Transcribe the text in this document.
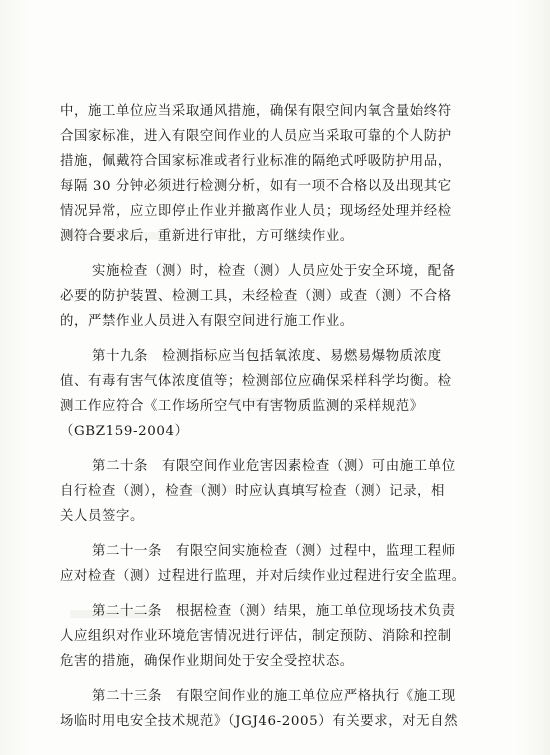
中，施工单位应当采取通风措施，确保有限空间内氧含量始终符
合国家标准，进入有限空间作业的人员应当采取可靠的个人防护
措施，佩戴符合国家标准或者行业标准的隔绝式呼吸防护用品，
每隔 30 分钟必须进行检测分析，如有一项不合格以及出现其它
情况异常，应立即停止作业并撤离作业人员；现场经处理并经检
测符合要求后，重新进行审批，方可继续作业。
实施检查（测）时，检查（测）人员应处于安全环境，配备
必要的防护装置、检测工具，未经检查（测）或查（测）不合格
的，严禁作业人员进入有限空间进行施工作业。
第十九条　检测指标应当包括氧浓度、易燃易爆物质浓度
值、有毒有害气体浓度值等；检测部位应确保采样科学均衡。检
测工作应符合《工作场所空气中有害物质监测的采样规范》
（GBZ159-2004）
第二十条　有限空间作业危害因素检查（测）可由施工单位
自行检查（测），检查（测）时应认真填写检查（测）记录，相
关人员签字。
第二十一条　有限空间实施检查（测）过程中，监理工程师
应对检查（测）过程进行监理，并对后续作业过程进行安全监理。
第二十二条　根据检查（测）结果，施工单位现场技术负责
人应组织对作业环境危害情况进行评估，制定预防、消除和控制
危害的措施，确保作业期间处于安全受控状态。
第二十三条　有限空间作业的施工单位应严格执行《施工现
场临时用电安全技术规范》（JGJ46-2005）有关要求，对无自然
